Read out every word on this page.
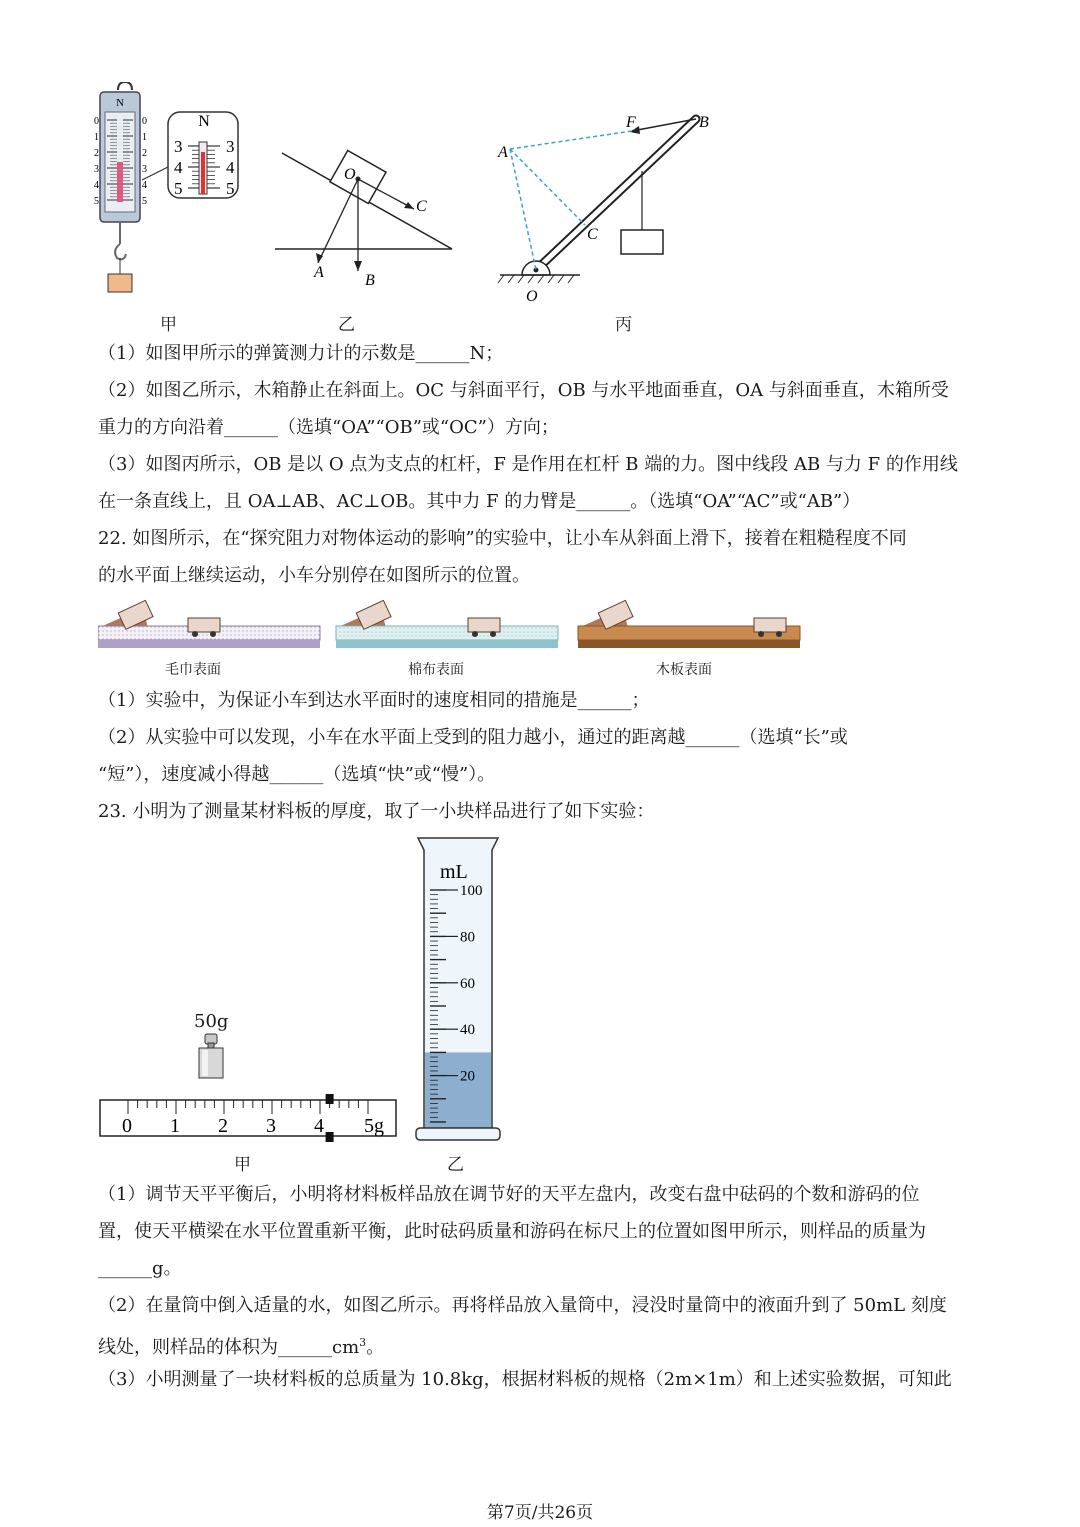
N
0	0
1	1
2	2
3	3
4	4
5	5
N
3	3
4	4
5	5
O
A	B
C
F	B
A
C
O
甲	乙	丙
（1）如图甲所示的弹簧测力计的示数是______N；
（2）如图乙所示，木箱静止在斜面上。OC 与斜面平行，OB 与水平地面垂直，OA 与斜面垂直，木箱所受
重力的方向沿着______（选填“OA”“OB”或“OC”）方向；
（3）如图丙所示，OB 是以 O 点为支点的杠杆，F 是作用在杠杆 B 端的力。图中线段 AB 与力 F 的作用线
在一条直线上，且 OA⊥AB、AC⊥OB。其中力 F 的力臂是______。（选填“OA”“AC”或“AB”）
22. 如图所示，在“探究阻力对物体运动的影响”的实验中，让小车从斜面上滑下，接着在粗糙程度不同
的水平面上继续运动，小车分别停在如图所示的位置。
毛巾表面	棉布表面	木板表面
（1）实验中，为保证小车到达水平面时的速度相同的措施是______；
（2）从实验中可以发现，小车在水平面上受到的阻力越小，通过的距离越______（选填“长”或
“短”），速度减小得越______（选填“快”或“慢”）。
23. 小明为了测量某材料板的厚度，取了一小块样品进行了如下实验：
50g
0 1 2 3 4 5g
甲
mL
100
80
60
40
20
乙
（1）调节天平平衡后，小明将材料板样品放在调节好的天平左盘内，改变右盘中砝码的个数和游码的位
置，使天平横梁在水平位置重新平衡，此时砝码质量和游码在标尺上的位置如图甲所示，则样品的质量为
______g。
（2）在量筒中倒入适量的水，如图乙所示。再将样品放入量筒中，浸没时量筒中的液面升到了 50mL 刻度
线处，则样品的体积为$\_\_\_\_\_\_cm^3$。
（3）小明测量了一块材料板的总质量为 10.8kg，根据材料板的规格（2m×1m）和上述实验数据，可知此
第7页/共26页
